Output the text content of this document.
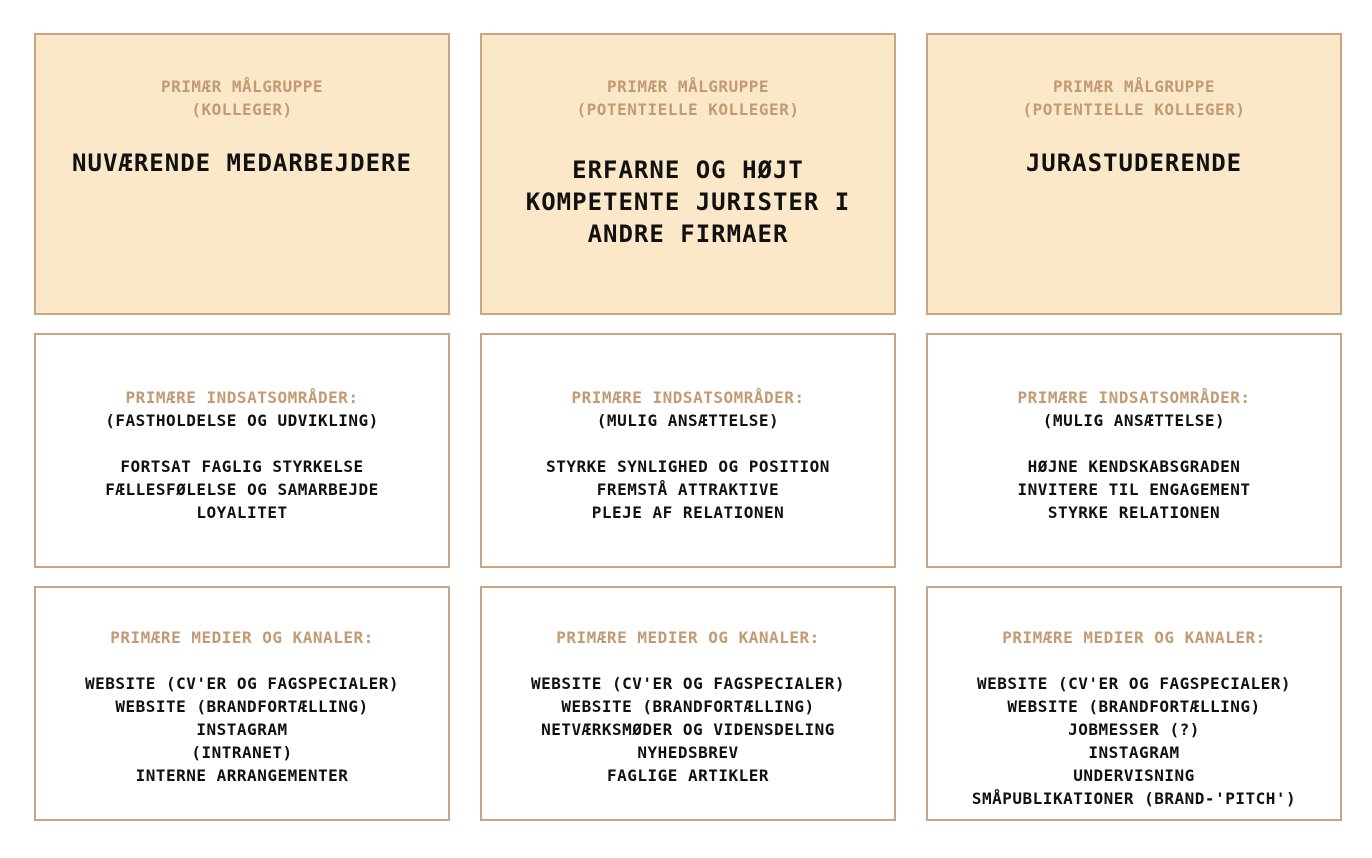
PRIMÆR MÅLGRUPPE
(KOLLEGER)
NUVÆRENDE MEDARBEJDERE
PRIMÆR MÅLGRUPPE
(POTENTIELLE KOLLEGER)
ERFARNE OG HØJT
KOMPETENTE JURISTER I
ANDRE FIRMAER
PRIMÆR MÅLGRUPPE
(POTENTIELLE KOLLEGER)
JURASTUDERENDE
PRIMÆRE INDSATSOMRÅDER:
(FASTHOLDELSE OG UDVIKLING)
FORTSAT FAGLIG STYRKELSE
FÆLLESFØLELSE OG SAMARBEJDE
LOYALITET
PRIMÆRE INDSATSOMRÅDER:
(MULIG ANSÆTTELSE)
STYRKE SYNLIGHED OG POSITION
FREMSTÅ ATTRAKTIVE
PLEJE AF RELATIONEN
PRIMÆRE INDSATSOMRÅDER:
(MULIG ANSÆTTELSE)
HØJNE KENDSKABSGRADEN
INVITERE TIL ENGAGEMENT
STYRKE RELATIONEN
PRIMÆRE MEDIER OG KANALER:
WEBSITE (CV'ER OG FAGSPECIALER)
WEBSITE (BRANDFORTÆLLING)
INSTAGRAM
(INTRANET)
INTERNE ARRANGEMENTER
PRIMÆRE MEDIER OG KANALER:
WEBSITE (CV'ER OG FAGSPECIALER)
WEBSITE (BRANDFORTÆLLING)
NETVÆRKSMØDER OG VIDENSDELING
NYHEDSBREV
FAGLIGE ARTIKLER
PRIMÆRE MEDIER OG KANALER:
WEBSITE (CV'ER OG FAGSPECIALER)
WEBSITE (BRANDFORTÆLLING)
JOBMESSER (?)
INSTAGRAM
UNDERVISNING
SMÅPUBLIKATIONER (BRAND-'PITCH')
